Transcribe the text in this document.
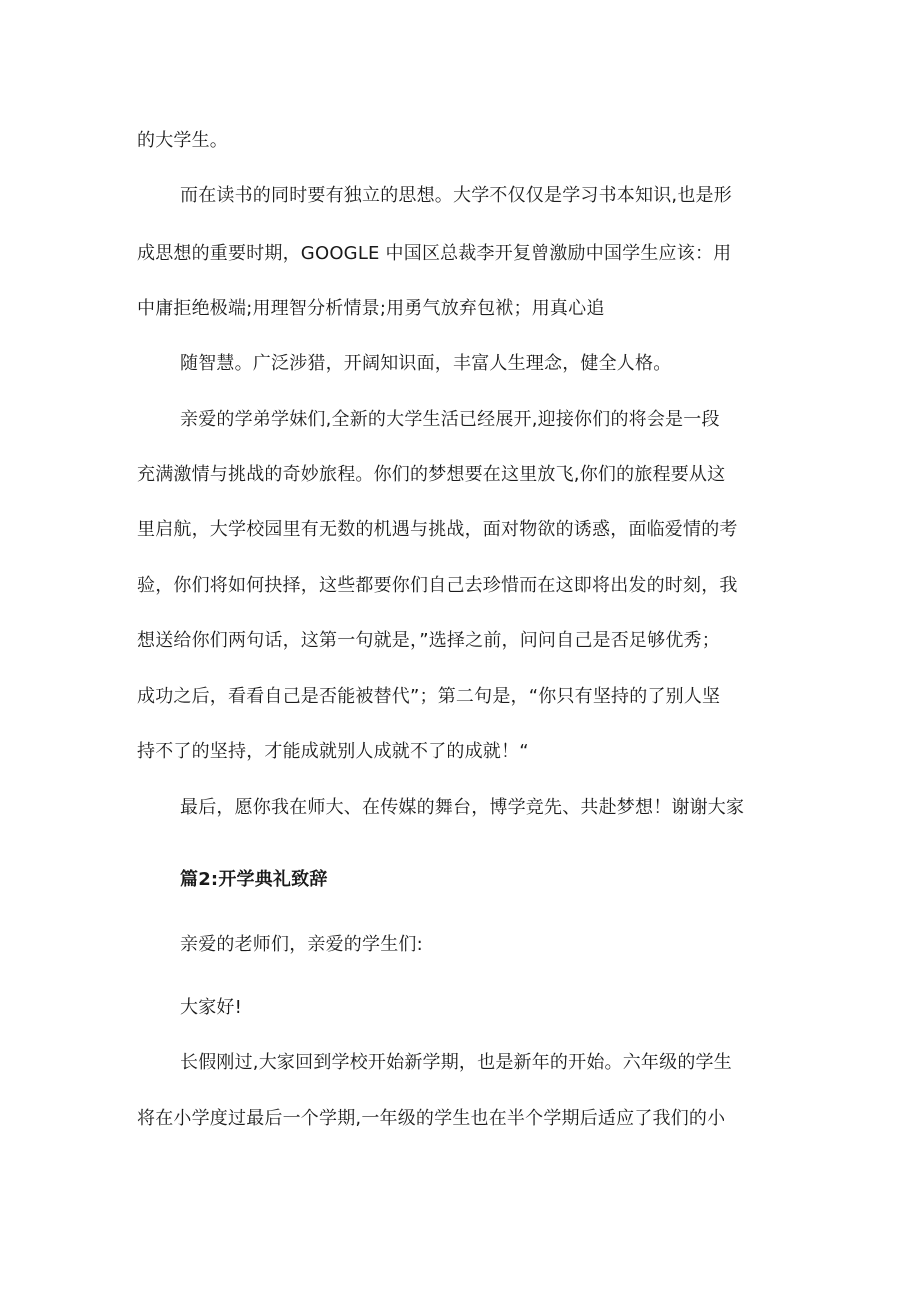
的大学生。
而在读书的同时要有独立的思想。大学不仅仅是学习书本知识,也是形
成思想的重要时期，GOOGLE 中国区总裁李开复曾激励中国学生应该：用
中庸拒绝极端;用理智分析情景;用勇气放弃包袱；用真心追
随智慧。广泛涉猎，开阔知识面，丰富人生理念，健全人格。
亲爱的学弟学妹们,全新的大学生活已经展开,迎接你们的将会是一段
充满激情与挑战的奇妙旅程。你们的梦想要在这里放飞,你们的旅程要从这
里启航，大学校园里有无数的机遇与挑战，面对物欲的诱惑，面临爱情的考
验，你们将如何抉择，这些都要你们自己去珍惜而在这即将出发的时刻，我
想送给你们两句话，这第一句就是，”选择之前，问问自己是否足够优秀；
成功之后，看看自己是否能被替代”；第二句是，“你只有坚持的了别人坚
持不了的坚持，才能成就别人成就不了的成就！“
最后，愿你我在师大、在传媒的舞台，博学竞先、共赴梦想！谢谢大家
篇2:开学典礼致辞
亲爱的老师们，亲爱的学生们:
大家好!
长假刚过,大家回到学校开始新学期，也是新年的开始。六年级的学生
将在小学度过最后一个学期,一年级的学生也在半个学期后适应了我们的小
